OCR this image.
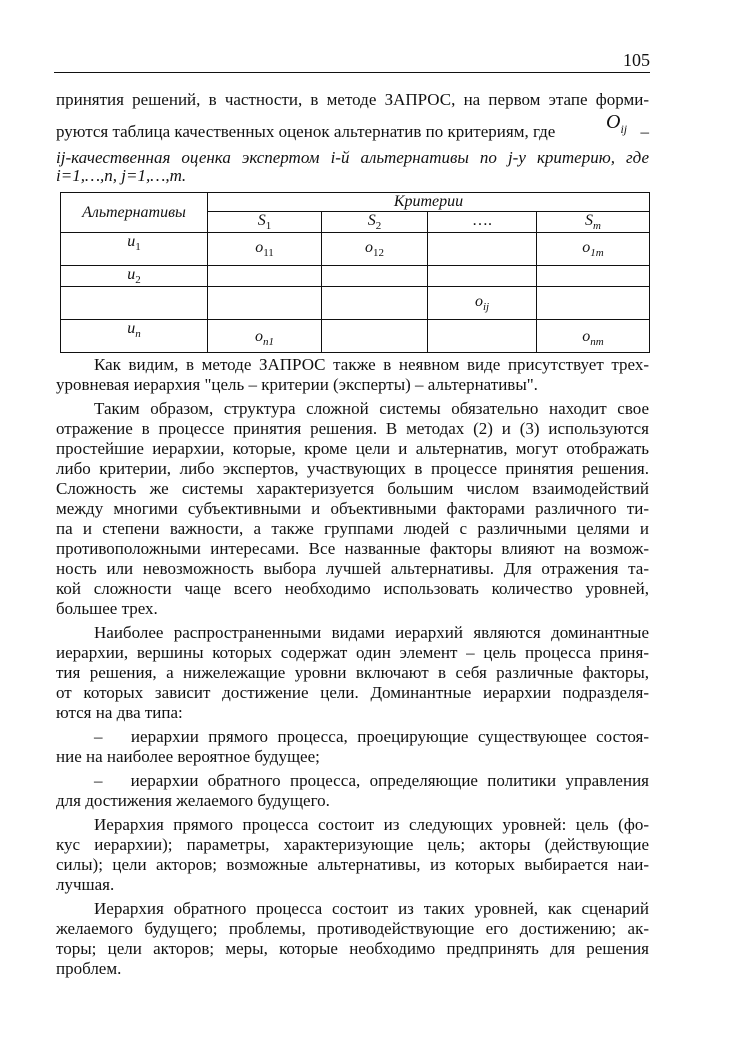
105
принятия решений, в частности, в методе ЗАПРОС, на первом этапе форми-
руются таблица качественных оценок альтернатив по критериям, где	$O_{ij}$ –
ij-качественная оценка экспертом i-й альтернативы по j-у критерию, где
i=1,…,n, j=1,…,m.
Альтернативы	Критерии			
	$S_1$	$S_2$	….	$S_m$
$u_1$	$o_{11}$	$o_{12}$		$o_{1m}$
$u_2$				
			$o_{ij}$	
$u_n$	$o_{n1}$			$o_{nm}$

Как видим, в методе ЗАПРОС также в неявном виде присутствует трех-
уровневая иерархия "цель – критерии (эксперты) – альтернативы".

Таким образом, структура сложной системы обязательно находит свое
отражение в процессе принятия решения. В методах (2) и (3) используются
простейшие иерархии, которые, кроме цели и альтернатив, могут отображать
либо критерии, либо экспертов, участвующих в процессе принятия решения.
Сложность же системы характеризуется большим числом взаимодействий
между многими субъективными и объективными факторами различного ти-
па и степени важности, а также группами людей с различными целями и
противоположными интересами. Все названные факторы влияют на возмож-
ность или невозможность выбора лучшей альтернативы. Для отражения та-
кой сложности чаще всего необходимо использовать количество уровней,
большее трех.

Наиболее распространенными видами иерархий являются доминантные
иерархии, вершины которых содержат один элемент – цель процесса приня-
тия решения, а нижележащие уровни включают в себя различные факторы,
от которых зависит достижение цели. Доминантные иерархии подразделя-
ются на два типа:

–   иерархии прямого процесса, проецирующие существующее состоя-
ние на наиболее вероятное будущее;

–   иерархии обратного процесса, определяющие политики управления
для достижения желаемого будущего.

Иерархия прямого процесса состоит из следующих уровней: цель (фо-
кус иерархии); параметры, характеризующие цель; акторы (действующие
силы); цели акторов; возможные альтернативы, из которых выбирается наи-
лучшая.

Иерархия обратного процесса состоит из таких уровней, как сценарий
желаемого будущего; проблемы, противодействующие его достижению; ак-
торы; цели акторов; меры, которые необходимо предпринять для решения
проблем.
